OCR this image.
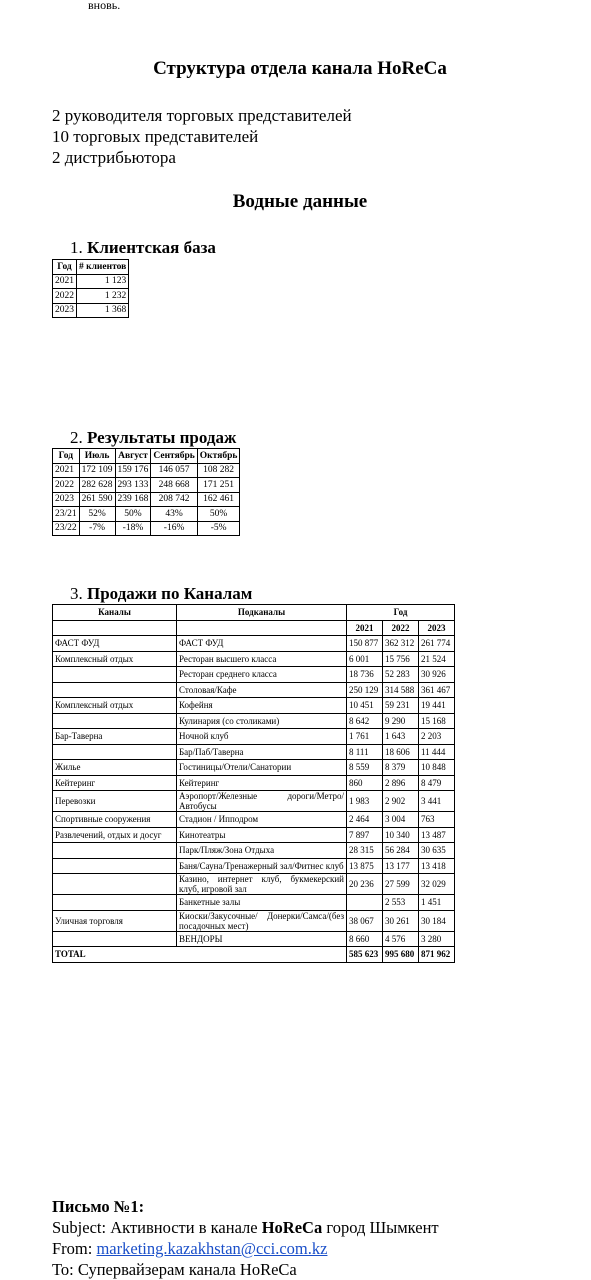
вновь.
Структура отдела канала HoReCa
2 руководителя торговых представителей
10 торговых представителей
2 дистрибьютора
Водные данные
1. Клиентская база
Год	# клиентов
2021	1 123
2022	1 232
2023	1 368
2. Результаты продаж
Год	Июль	Август	Сентябрь	Октябрь
2021	172 109	159 176	146 057	108 282
2022	282 628	293 133	248 668	171 251
2023	261 590	239 168	208 742	162 461
23/21	52%	50%	43%	50%
23/22	-7%	-18%	-16%	-5%
3. Продажи по Каналам
Каналы	Подканалы	Год		
		2021	2022	2023
ФАСТ ФУД	ФАСТ ФУД	150 877	362 312	261 774
Комплексный отдых	Ресторан высшего класса	6 001	15 756	21 524
	Ресторан среднего класса	18 736	52 283	30 926
	Столовая/Кафе	250 129	314 588	361 467
Комплексный отдых	Кофейня	10 451	59 231	19 441
	Кулинария (со столиками)	8 642	9 290	15 168
Бар-Таверна	Ночной клуб	1 761	1 643	2 203
	Бар/Паб/Таверна	8 111	18 606	11 444
Жилье	Гостиницы/Отели/Санатории	8 559	8 379	10 848
Кейтеринг	Кейтеринг	860	2 896	8 479
Перевозки	Аэропорт/Железные дороги/Метро/Автобусы	1 983	2 902	3 441
Спортивные сооружения	Стадион / Ипподром	2 464	3 004	763
Развлечений, отдых и досуг	Кинотеатры	7 897	10 340	13 487
	Парк/Пляж/Зона Отдыха	28 315	56 284	30 635
	Баня/Сауна/Тренажерный зал/Фитнес клуб	13 875	13 177	13 418
	Казино, интернет клуб, букмекерский клуб, игровой зал	20 236	27 599	32 029
	Банкетные залы		2 553	1 451
Уличная торговля	Киоски/Закусочные/ Донерки/Самса/(без посадочных мест)	38 067	30 261	30 184
	ВЕНДОРЫ	8 660	4 576	3 280
TOTAL		585 623	995 680	871 962
Письмо №1:
Subject: Активности в канале HoReCa город Шымкент
From: marketing.kazakhstan@cci.com.kz
To: Супервайзерам канала HoReCa
